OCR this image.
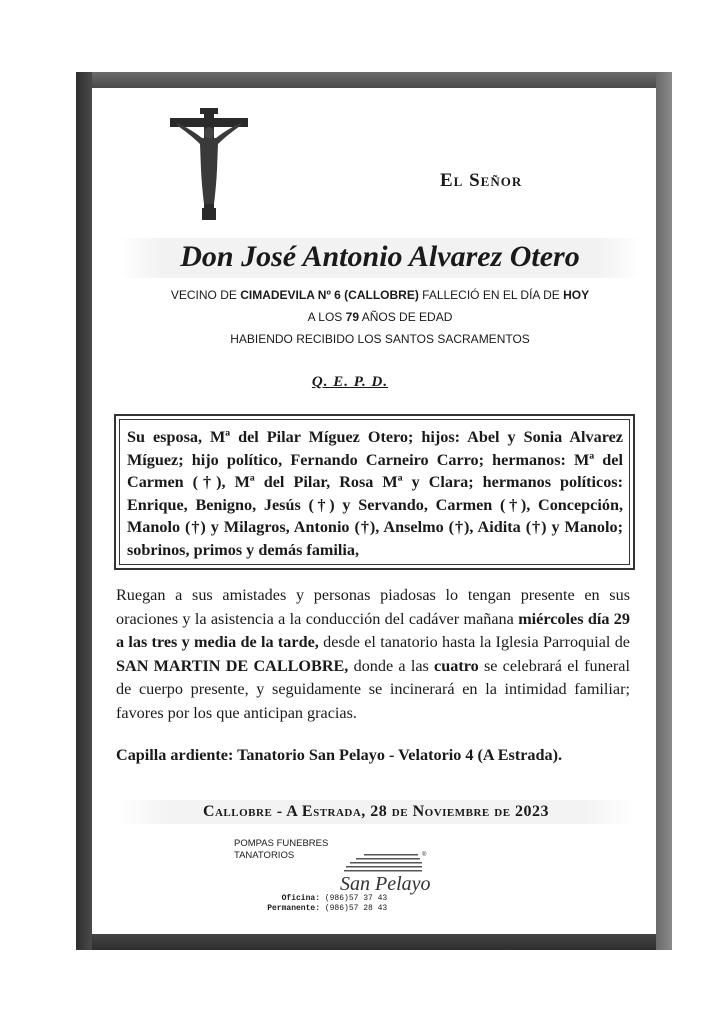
El Señor
Don José Antonio Alvarez Otero
VECINO DE CIMADEVILA Nº 6 (CALLOBRE) FALLECIÓ EN EL DÍA DE HOY
A LOS 79 AÑOS DE EDAD
HABIENDO RECIBIDO LOS SANTOS SACRAMENTOS
Q. E. P. D.
Su esposa, Mª del Pilar Míguez Otero; hijos: Abel y Sonia Alvarez Míguez; hijo político, Fernando Carneiro Carro; hermanos: Mª del Carmen (†), Mª del Pilar, Rosa Mª y Clara; hermanos políticos: Enrique, Benigno, Jesús (†) y Servando, Carmen (†), Concepción, Manolo (†) y Milagros, Antonio (†), Anselmo (†), Aidita (†) y Manolo; sobrinos, primos y demás familia,
Ruegan a sus amistades y personas piadosas lo tengan presente en sus oraciones y la asistencia a la conducción del cadáver mañana miércoles día 29 a las tres y media de la tarde, desde el tanatorio hasta la Iglesia Parroquial de SAN MARTIN DE CALLOBRE, donde a las cuatro se celebrará el funeral de cuerpo presente, y seguidamente se incinerará en la intimidad familiar; favores por los que anticipan gracias.
Capilla ardiente: Tanatorio San Pelayo - Velatorio 4 (A Estrada).
Callobre - A Estrada, 28 de Noviembre de 2023
POMPAS FUNEBRES
TANATORIOS	®
San Pelayo
Oficina: (986)57 37 43
Permanente: (986)57 28 43
